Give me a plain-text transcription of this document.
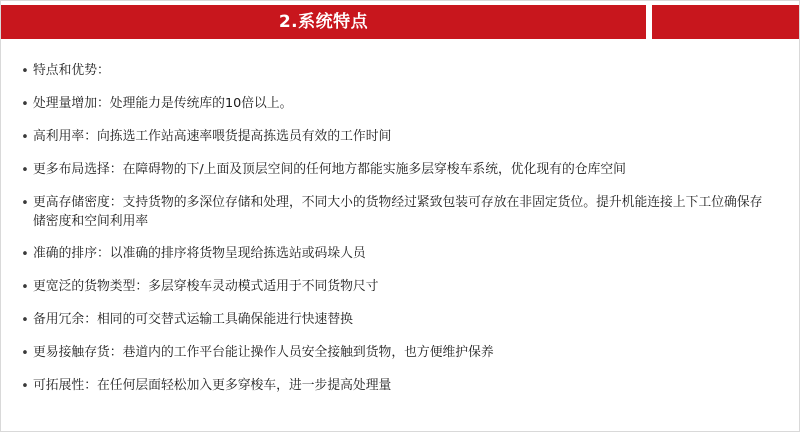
2.系统特点
• 特点和优势：
• 处理量增加：处理能力是传统库的10倍以上。
• 高利用率：向拣选工作站高速率喂货提高拣选员有效的工作时间
• 更多布局选择：在障碍物的下/上面及顶层空间的任何地方都能实施多层穿梭车系统，优化现有的仓库空间
• 更高存储密度：支持货物的多深位存储和处理，不同大小的货物经过紧致包装可存放在非固定货位。提升机能连接上下工位确保存储密度和空间利用率
• 准确的排序：以准确的排序将货物呈现给拣选站或码垛人员
• 更宽泛的货物类型：多层穿梭车灵动模式适用于不同货物尺寸
• 备用冗余：相同的可交替式运输工具确保能进行快速替换
• 更易接触存货：巷道内的工作平台能让操作人员安全接触到货物，也方便维护保养
• 可拓展性：在任何层面轻松加入更多穿梭车，进一步提高处理量
